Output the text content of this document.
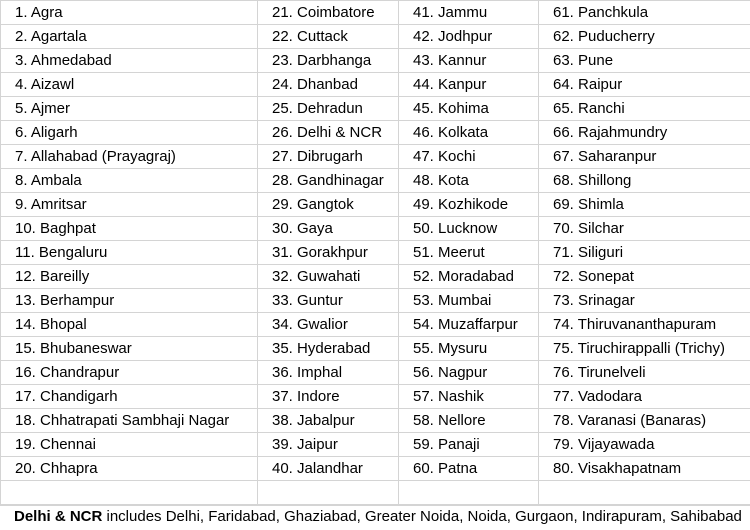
1. Agra	21. Coimbatore	41. Jammu	61. Panchkula
2. Agartala	22. Cuttack	42. Jodhpur	62. Puducherry
3. Ahmedabad	23. Darbhanga	43. Kannur	63. Pune
4. Aizawl	24. Dhanbad	44. Kanpur	64. Raipur
5. Ajmer	25. Dehradun	45. Kohima	65. Ranchi
6. Aligarh	26. Delhi & NCR	46. Kolkata	66. Rajahmundry
7. Allahabad (Prayagraj)	27. Dibrugarh	47. Kochi	67. Saharanpur
8. Ambala	28. Gandhinagar	48. Kota	68. Shillong
9. Amritsar	29. Gangtok	49. Kozhikode	69. Shimla
10. Baghpat	30. Gaya	50. Lucknow	70. Silchar
11. Bengaluru	31. Gorakhpur	51. Meerut	71. Siliguri
12. Bareilly	32. Guwahati	52. Moradabad	72. Sonepat
13. Berhampur	33. Guntur	53. Mumbai	73. Srinagar
14. Bhopal	34. Gwalior	54. Muzaffarpur	74. Thiruvananthapuram
15. Bhubaneswar	35. Hyderabad	55. Mysuru	75. Tiruchirappalli (Trichy)
16. Chandrapur	36. Imphal	56. Nagpur	76. Tirunelveli
17. Chandigarh	37. Indore	57. Nashik	77. Vadodara
18. Chhatrapati Sambhaji Nagar	38. Jabalpur	58. Nellore	78. Varanasi (Banaras)
19. Chennai	39. Jaipur	59. Panaji	79. Vijayawada
20. Chhapra	40. Jalandhar	60. Patna	80. Visakhapatnam

Delhi & NCR includes Delhi, Faridabad, Ghaziabad, Greater Noida, Noida, Gurgaon, Indirapuram, Sahibabad
